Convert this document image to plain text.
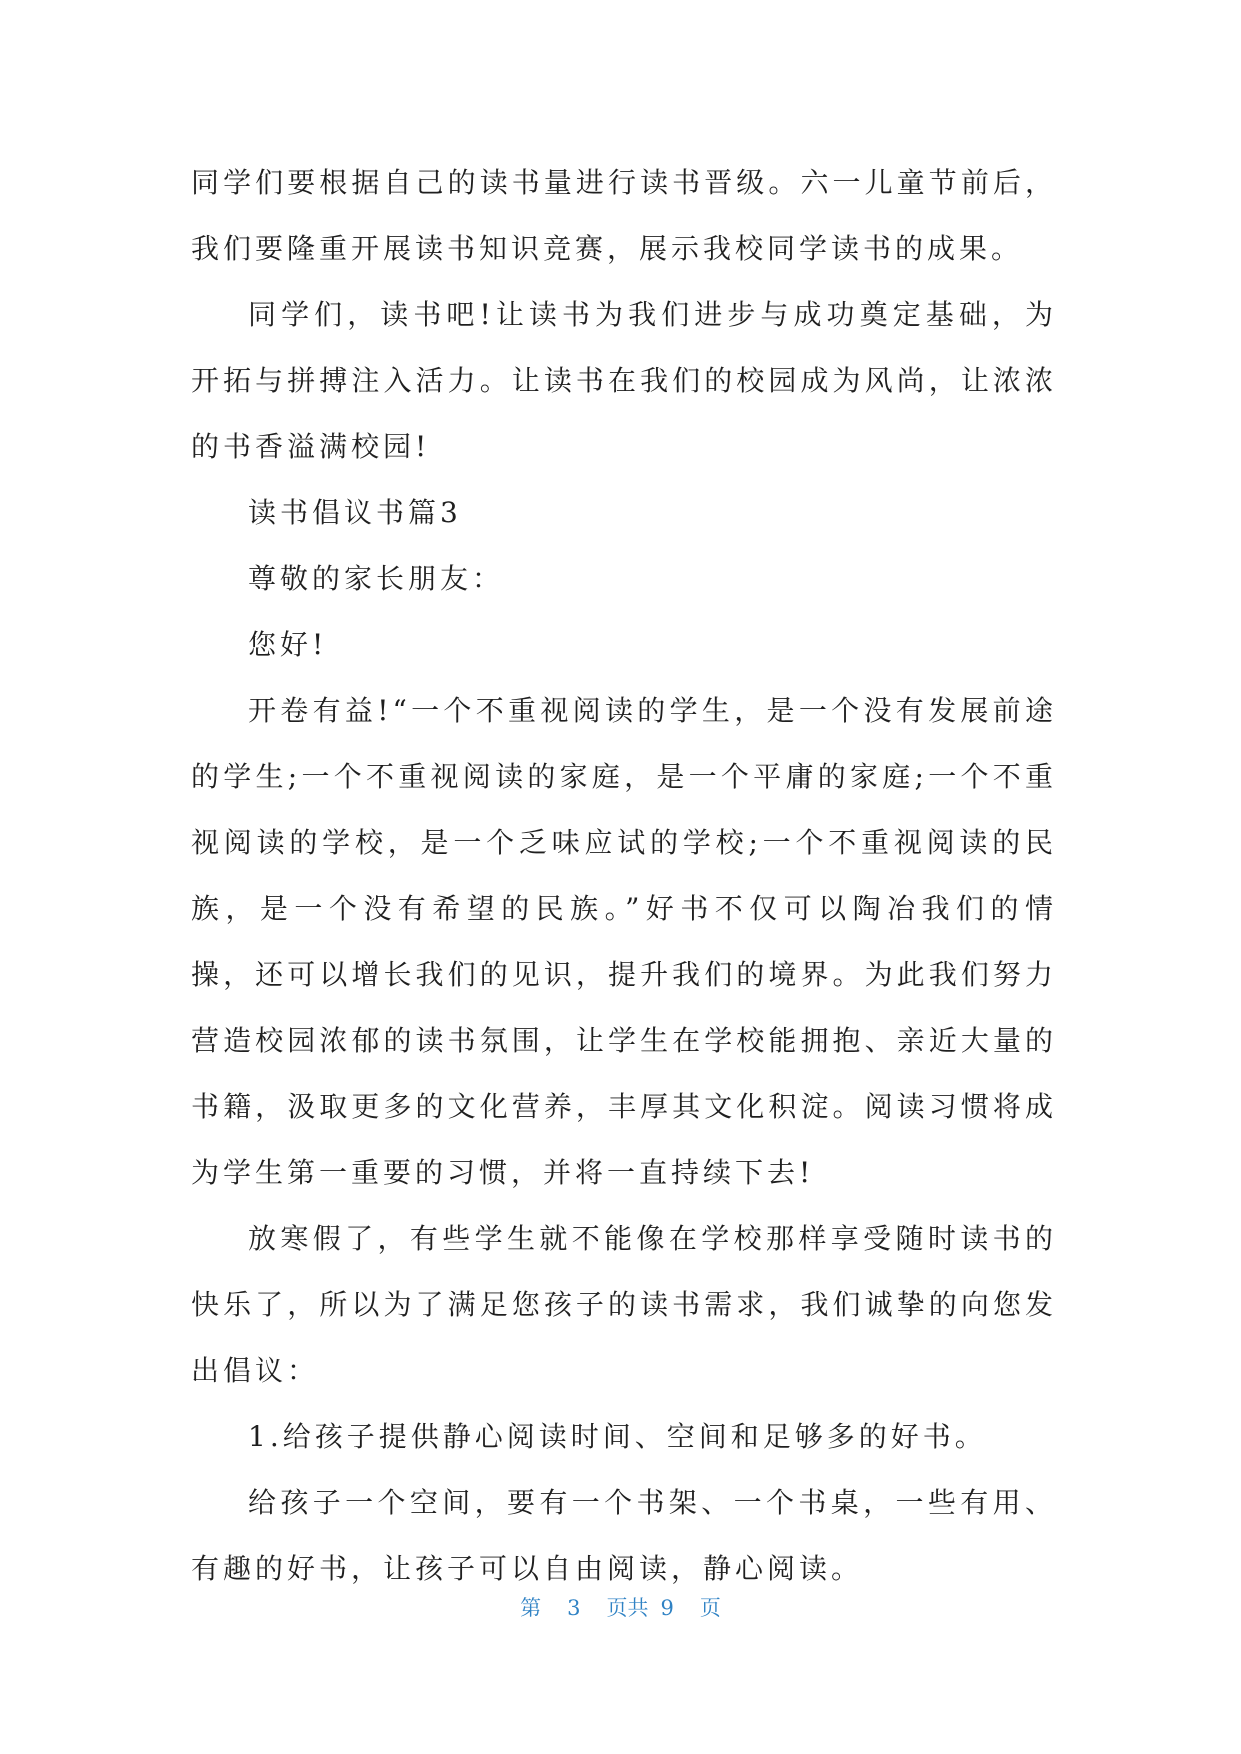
同学们要根据自己的读书量进行读书晋级。六一儿童节前后，我们要隆重开展读书知识竞赛，展示我校同学读书的成果。

同学们，读书吧!让读书为我们进步与成功奠定基础，为开拓与拼搏注入活力。让读书在我们的校园成为风尚，让浓浓的书香溢满校园!

读书倡议书篇3

尊敬的家长朋友：

您好!

开卷有益!“一个不重视阅读的学生，是一个没有发展前途的学生;一个不重视阅读的家庭，是一个平庸的家庭;一个不重视阅读的学校，是一个乏味应试的学校;一个不重视阅读的民族，是一个没有希望的民族。”好书不仅可以陶冶我们的情操，还可以增长我们的见识，提升我们的境界。为此我们努力营造校园浓郁的读书氛围，让学生在学校能拥抱、亲近大量的书籍，汲取更多的文化营养，丰厚其文化积淀。阅读习惯将成为学生第一重要的习惯，并将一直持续下去!

放寒假了，有些学生就不能像在学校那样享受随时读书的快乐了，所以为了满足您孩子的读书需求，我们诚挚的向您发出倡议：

1.给孩子提供静心阅读时间、空间和足够多的好书。

给孩子一个空间，要有一个书架、一个书桌，一些有用、有趣的好书，让孩子可以自由阅读，静心阅读。

第 3 页共 9 页
